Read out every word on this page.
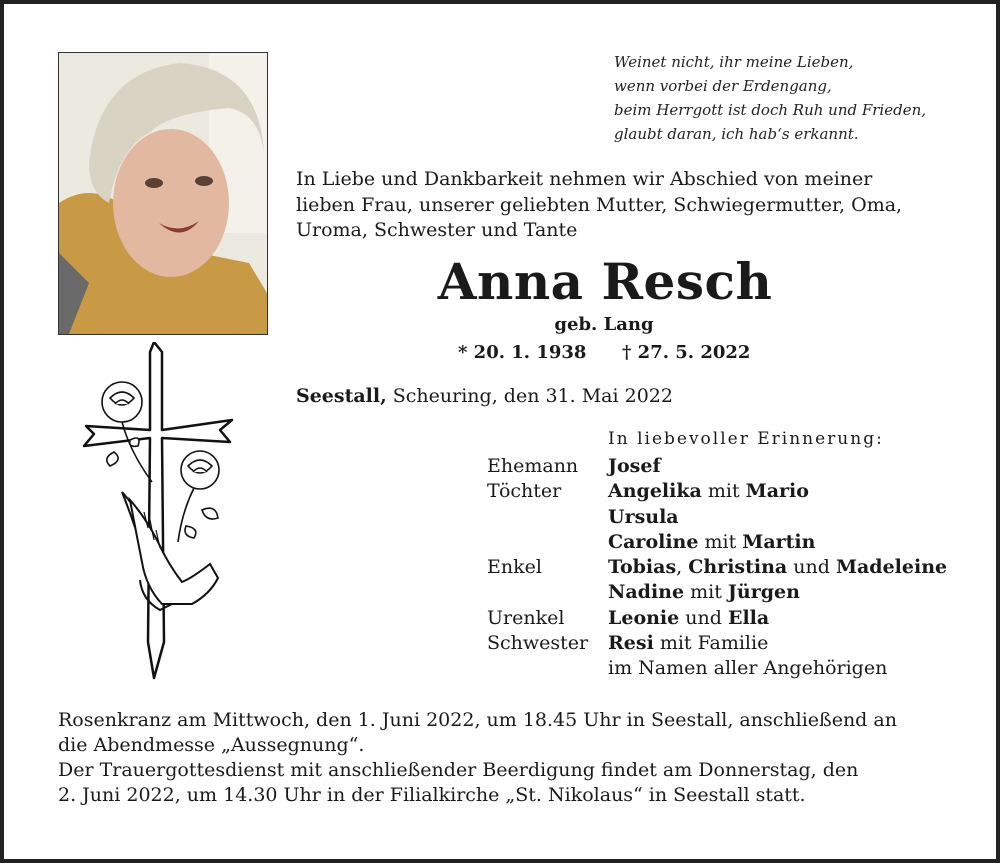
Weinet nicht, ihr meine Lieben,
wenn vorbei der Erdengang,
beim Herrgott ist doch Ruh und Frieden,
glaubt daran, ich hab‘s erkannt.
In Liebe und Dankbarkeit nehmen wir Abschied von meiner
lieben Frau, unserer geliebten Mutter, Schwiegermutter, Oma,
Uroma, Schwester und Tante
Anna Resch
geb. Lang
* 20. 1. 1938 † 27. 5. 2022
Seestall, Scheuring, den 31. Mai 2022
In liebevoller Erinnerung:
Ehemann
Töchter
Enkel
Urenkel
Schwester
Josef
Angelika mit Mario
Ursula
Caroline mit Martin
Tobias, Christina und Madeleine
Nadine mit Jürgen
Leonie und Ella
Resi mit Familie
im Namen aller Angehörigen
Rosenkranz am Mittwoch, den 1. Juni 2022, um 18.45 Uhr in Seestall, anschließend an
die Abendmesse „Aussegnung“.
Der Trauergottesdienst mit anschließender Beerdigung findet am Donnerstag, den
2. Juni 2022, um 14.30 Uhr in der Filialkirche „St. Nikolaus“ in Seestall statt.
